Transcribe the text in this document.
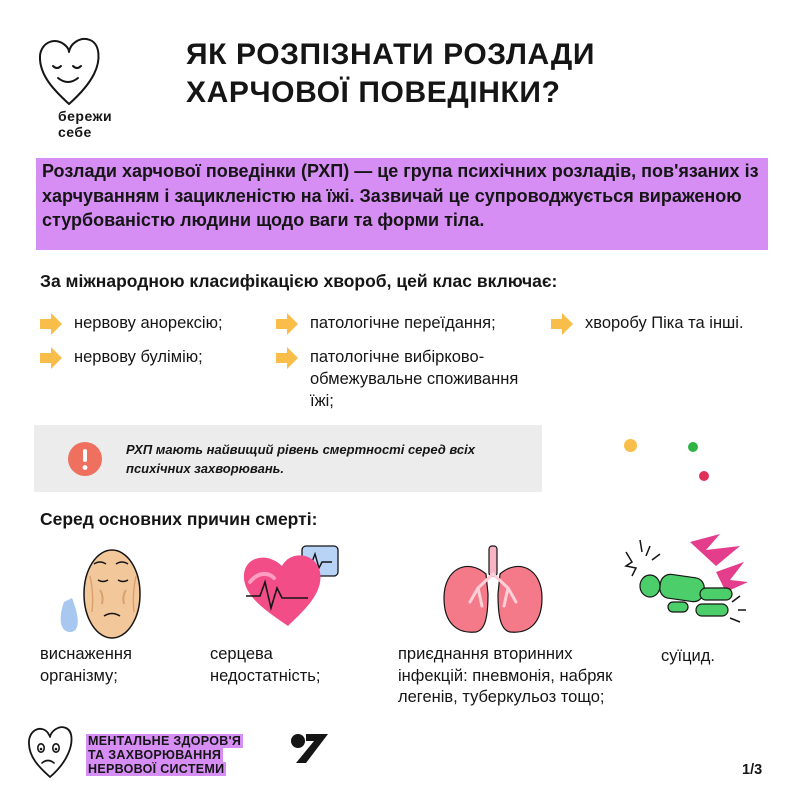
бережи
себе
ЯК РОЗПІЗНАТИ РОЗЛАДИ ХАРЧОВОЇ ПОВЕДІНКИ?

Розлади харчової поведінки (РХП) — це група психічних розладів, пов'язаних із харчуванням і зацикленістю на їжі. Зазвичай це супроводжується вираженою стурбованістю людини щодо ваги та форми тіла.

За міжнародною класифікацією хвороб, цей клас включає:
нервову анорексію;	патологічне переїдання;	хворобу Піка та інші.
нервову булімію;	патологічне вибірково-обмежувальне споживання їжі;
РХП мають найвищий рівень смертності серед всіх психічних захворювань.
Серед основних причин смерті:
виснаження організму;
серцева недостатність;
приєднання вторинних інфекцій: пневмонія, набряк легенів, туберкульоз тощо;
суїцид.
МЕНТАЛЬНЕ ЗДОРОВ'Я
ТА ЗАХВОРЮВАННЯ
НЕРВОВОЇ СИСТЕМИ	1/3
